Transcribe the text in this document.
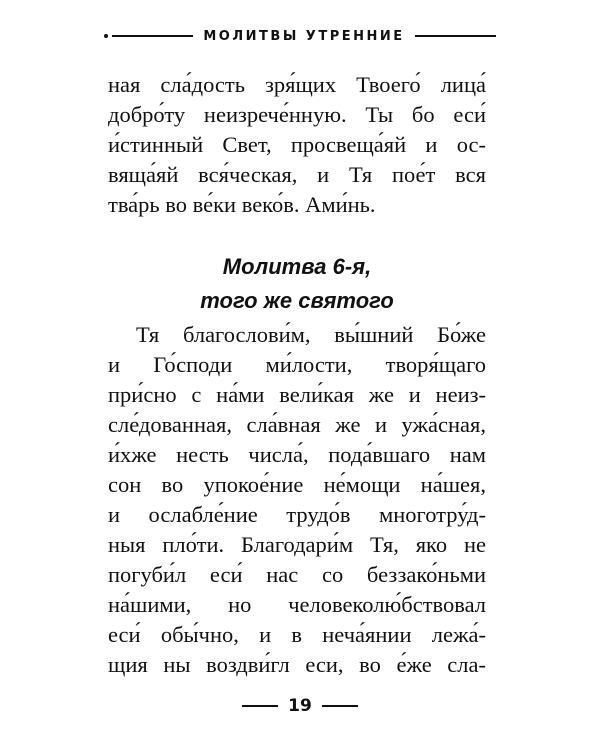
МОЛИТВЫ УТРЕННИЕ
ная сла́дость зря́щих Твоего́ лица́
добро́ту неизрече́нную. Ты бо еси́
и́стинный Свет, просвеща́яй и ос-
вяща́яй вся́ческая, и Тя пое́т вся
тва́рь во ве́ки веко́в. Ами́нь.
Молитва 6-я,
того же святого
Тя благослови́м, вы́шний Бо́же
и Го́споди ми́лости, творя́щаго
при́сно с на́ми вели́кая же и неиз-
сле́дованная, сла́вная же и ужа́сная,
и́хже несть числа́, пода́вшаго нам
сон во упокое́ние не́мощи на́шея,
и ослабле́ние трудо́в многотру́д-
ныя пло́ти. Благодари́м Тя, яко не
погуби́л еси́ нас со беззако́ньми
на́шими, но человеколю́бствовал
еси́ обы́чно, и в неча́янии лежа́-
щия ны воздви́гл еси, во е́же сла-
19
